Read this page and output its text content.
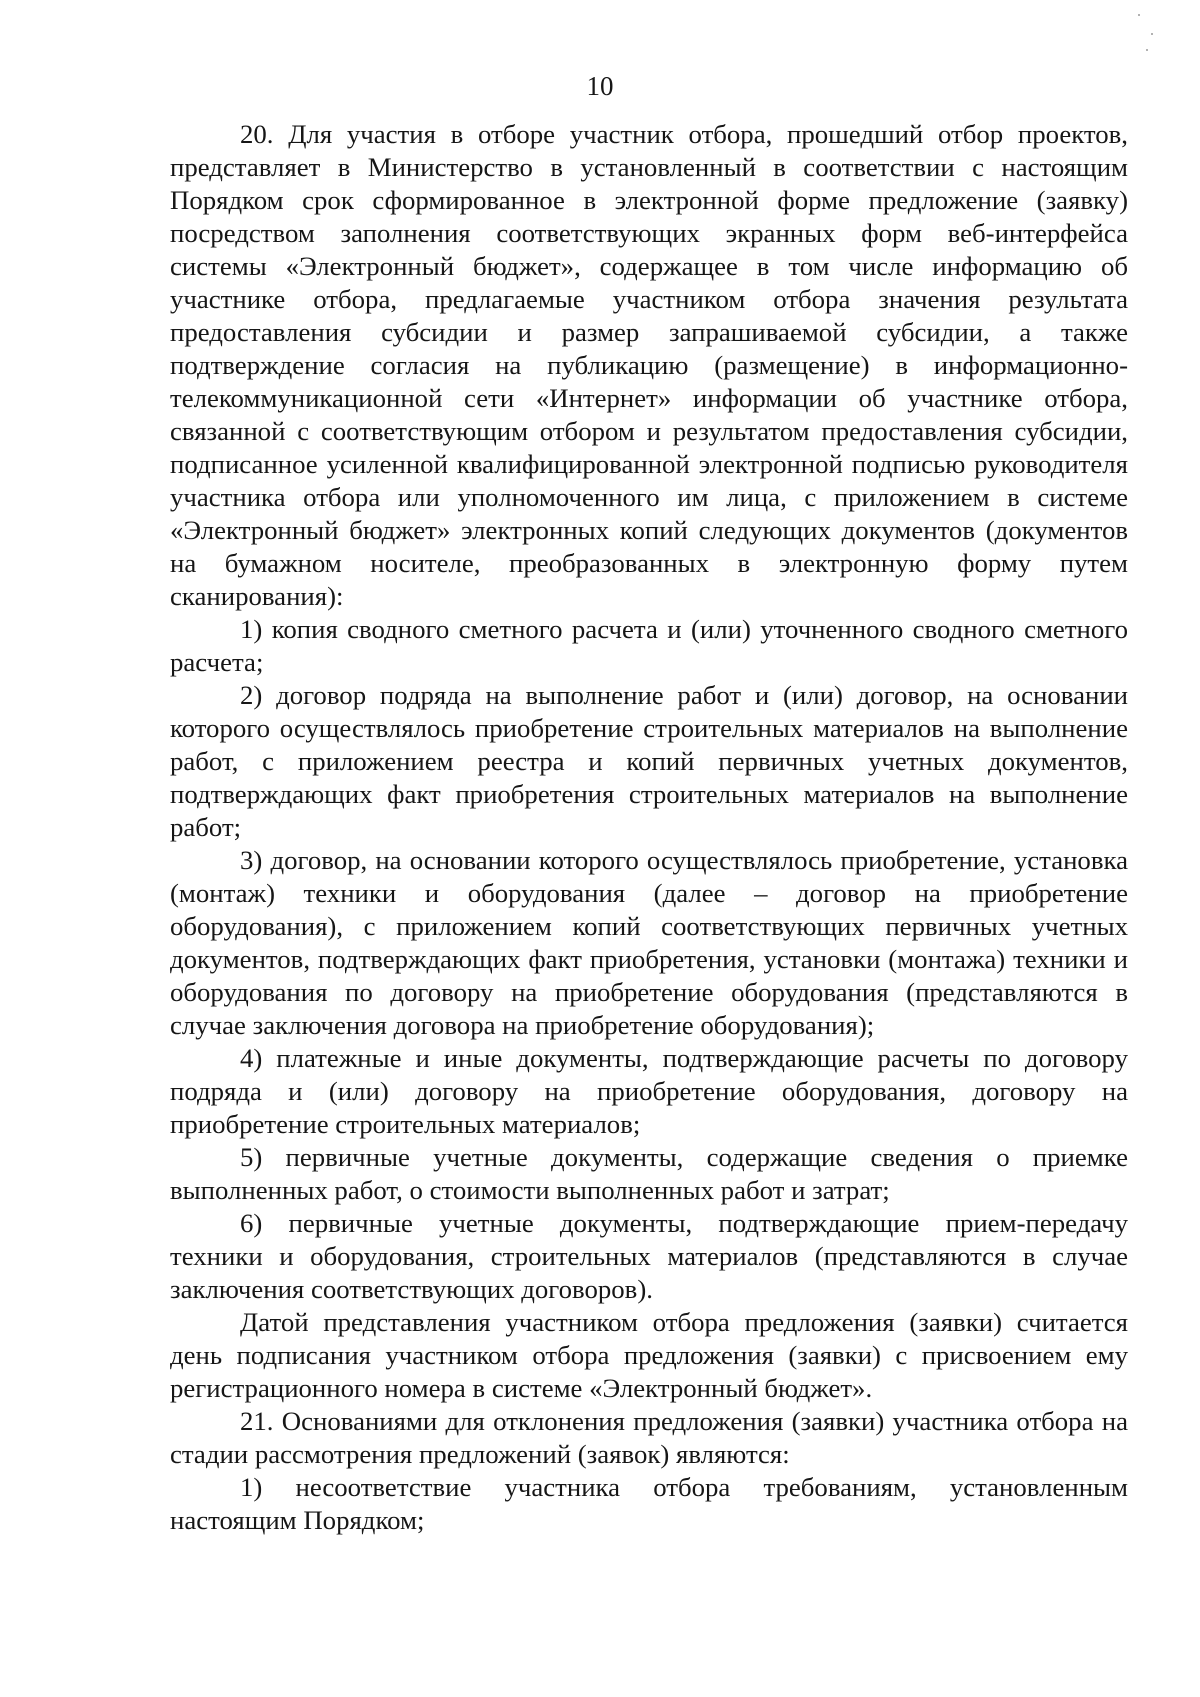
10

20. Для участия в отборе участник отбора, прошедший отбор проектов, представляет в Министерство в установленный в соответствии с настоящим Порядком срок сформированное в электронной форме предложение (заявку) посредством заполнения соответствующих экранных форм веб-интерфейса системы «Электронный бюджет», содержащее в том числе информацию об участнике отбора, предлагаемые участником отбора значения результата предоставления субсидии и размер запрашиваемой субсидии, а также подтверждение согласия на публикацию (размещение) в информационно-телекоммуникационной сети «Интернет» информации об участнике отбора, связанной с соответствующим отбором и результатом предоставления субсидии, подписанное усиленной квалифицированной электронной подписью руководителя участника отбора или уполномоченного им лица, с приложением в системе «Электронный бюджет» электронных копий следующих документов (документов на бумажном носителе, преобразованных в электронную форму путем сканирования):

1) копия сводного сметного расчета и (или) уточненного сводного сметного расчета;

2) договор подряда на выполнение работ и (или) договор, на основании которого осуществлялось приобретение строительных материалов на выполнение работ, с приложением реестра и копий первичных учетных документов, подтверждающих факт приобретения строительных материалов на выполнение работ;

3) договор, на основании которого осуществлялось приобретение, установка (монтаж) техники и оборудования (далее – договор на приобретение оборудования), с приложением копий соответствующих первичных учетных документов, подтверждающих факт приобретения, установки (монтажа) техники и оборудования по договору на приобретение оборудования (представляются в случае заключения договора на приобретение оборудования);

4) платежные и иные документы, подтверждающие расчеты по договору подряда и (или) договору на приобретение оборудования, договору на приобретение строительных материалов;

5) первичные учетные документы, содержащие сведения о приемке выполненных работ, о стоимости выполненных работ и затрат;

6) первичные учетные документы, подтверждающие прием-передачу техники и оборудования, строительных материалов (представляются в случае заключения соответствующих договоров).

Датой представления участником отбора предложения (заявки) считается день подписания участником отбора предложения (заявки) с присвоением ему регистрационного номера в системе «Электронный бюджет».

21. Основаниями для отклонения предложения (заявки) участника отбора на стадии рассмотрения предложений (заявок) являются:

1) несоответствие участника отбора требованиям, установленным настоящим Порядком;
